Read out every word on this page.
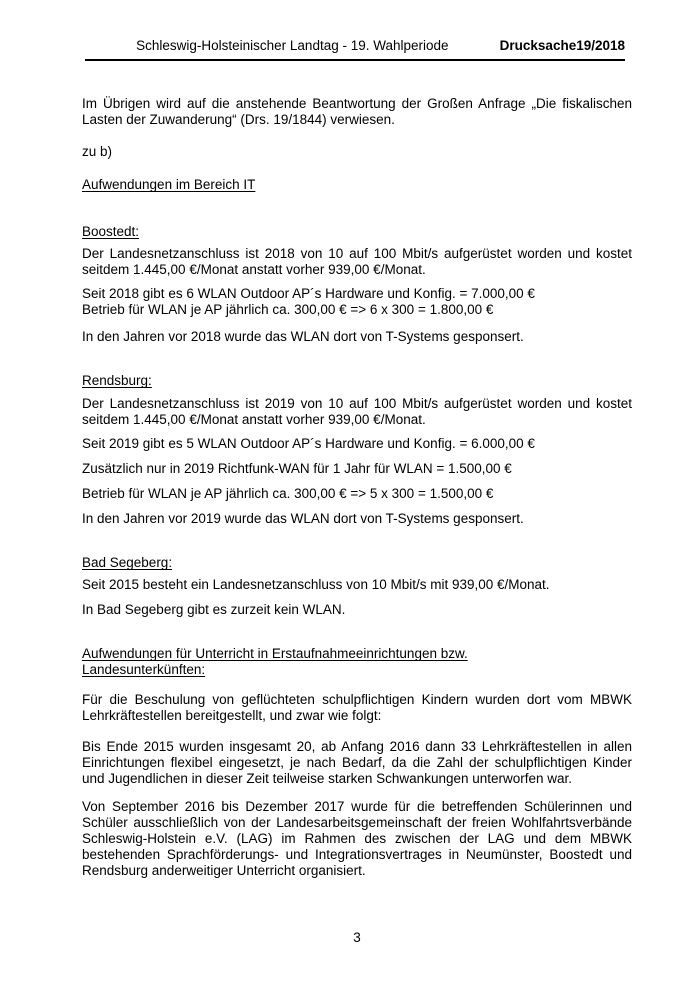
Schleswig-Holsteinischer Landtag - 19. Wahlperiode	Drucksache19/2018

Im Übrigen wird auf die anstehende Beantwortung der Großen Anfrage „Die fiskalischen Lasten der Zuwanderung“ (Drs. 19/1844) verwiesen.

zu b)

Aufwendungen im Bereich IT
Boostedt:

Der Landesnetzanschluss ist 2018 von 10 auf 100 Mbit/s aufgerüstet worden und kostet seitdem 1.445,00 €/Monat anstatt vorher 939,00 €/Monat.

Seit 2018 gibt es 6 WLAN Outdoor AP´s Hardware und Konfig. = 7.000,00 €
Betrieb für WLAN je AP jährlich ca. 300,00 € => 6 x 300 = 1.800,00 €

In den Jahren vor 2018 wurde das WLAN dort von T-Systems gesponsert.

Rendsburg:

Der Landesnetzanschluss ist 2019 von 10 auf 100 Mbit/s aufgerüstet worden und kostet seitdem 1.445,00 €/Monat anstatt vorher 939,00 €/Monat.

Seit 2019 gibt es 5 WLAN Outdoor AP´s Hardware und Konfig. = 6.000,00 €

Zusätzlich nur in 2019 Richtfunk-WAN für 1 Jahr für WLAN = 1.500,00 €

Betrieb für WLAN je AP jährlich ca. 300,00 € => 5 x 300 = 1.500,00 €

In den Jahren vor 2019 wurde das WLAN dort von T-Systems gesponsert.

Bad Segeberg:

Seit 2015 besteht ein Landesnetzanschluss von 10 Mbit/s mit 939,00 €/Monat.

In Bad Segeberg gibt es zurzeit kein WLAN.

Aufwendungen für Unterricht in Erstaufnahmeeinrichtungen bzw.
Landesunterkünften:

Für die Beschulung von geflüchteten schulpflichtigen Kindern wurden dort vom MBWK Lehrkräftestellen bereitgestellt, und zwar wie folgt:

Bis Ende 2015 wurden insgesamt 20, ab Anfang 2016 dann 33 Lehrkräftestellen in allen Einrichtungen flexibel eingesetzt, je nach Bedarf, da die Zahl der schulpflichtigen Kinder und Jugendlichen in dieser Zeit teilweise starken Schwankungen unterworfen war.

Von September 2016 bis Dezember 2017 wurde für die betreffenden Schülerinnen und Schüler ausschließlich von der Landesarbeitsgemeinschaft der freien Wohlfahrtsverbände Schleswig-Holstein e.V. (LAG) im Rahmen des zwischen der LAG und dem MBWK bestehenden Sprachförderungs- und Integrationsvertrages in Neumünster, Boostedt und Rendsburg anderweitiger Unterricht organisiert.

3
